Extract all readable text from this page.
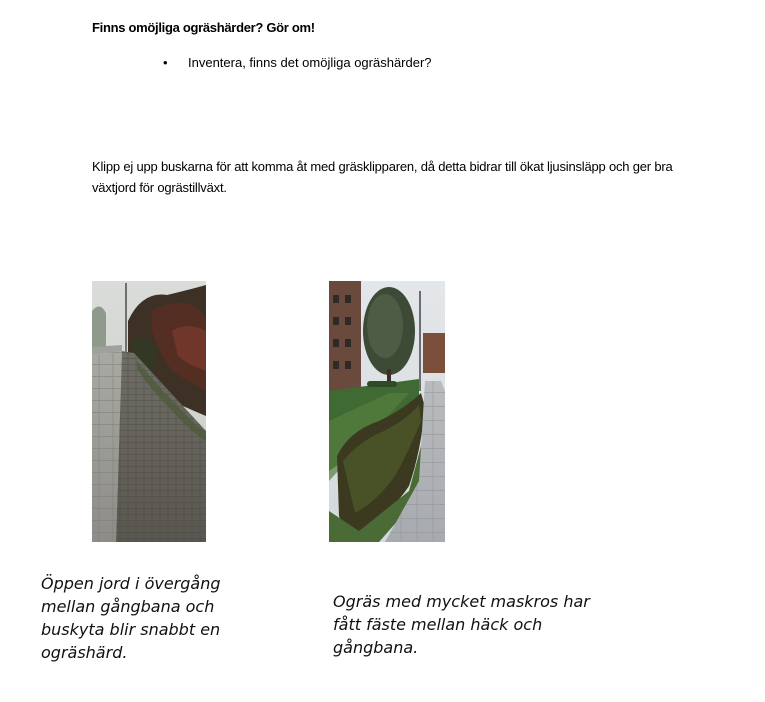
Finns omöjliga ogräshärder? Gör om!
•	Inventera, finns det omöjliga ogräshärder?
Klipp ej upp buskarna för att komma åt med gräsklipparen, då detta bidrar till ökat ljusinsläpp och ger bra växtjord för ogrästillväxt.
Öppen jord i övergång
mellan gångbana och
buskyta blir snabbt en
ogräshärd.
Ogräs med mycket maskros har
fått fäste mellan häck och
gångbana.
